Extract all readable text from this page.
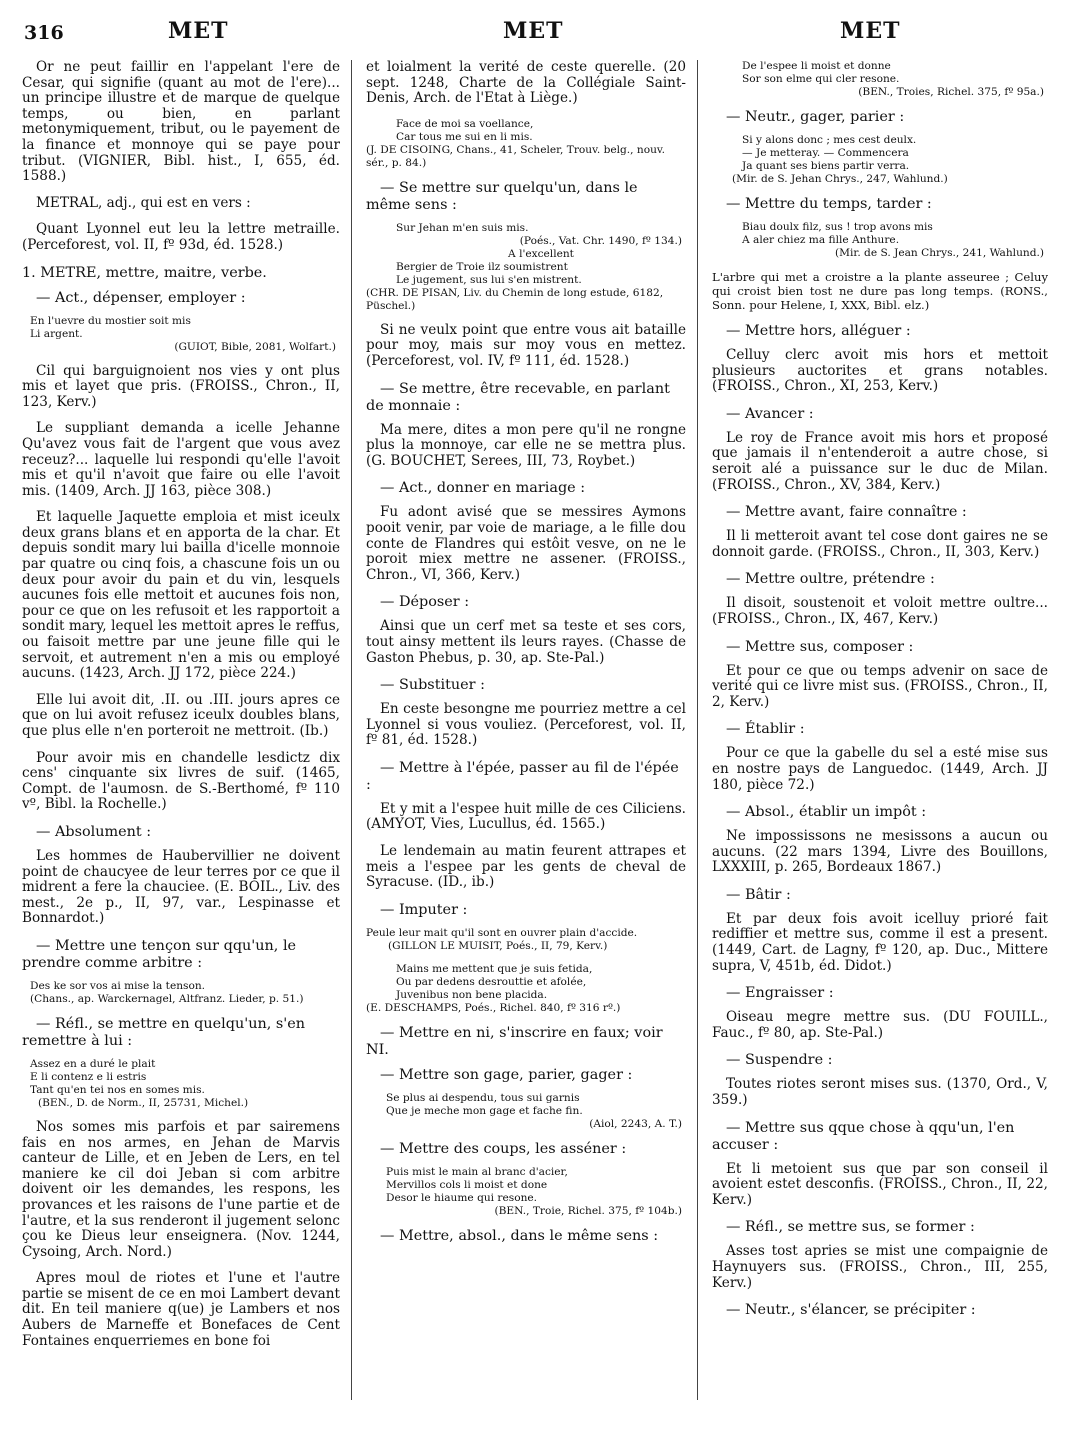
316	MET	MET	MET

Or ne peut faillir en l'appelant l'ere de Cesar, qui signifie (quant au mot de l'ere)... un principe illustre et de marque de quelque temps, ou bien, en parlant metonymiquement, tribut, ou le payement de la finance et monnoye qui se paye pour tribut. (VIGNIER, Bibl. hist., I, 655, éd. 1588.)

METRAL, adj., qui est en vers :

Quant Lyonnel eut leu la lettre metraille. (Perceforest, vol. II, fº 93d, éd. 1528.)

1. METRE, mettre, maitre, verbe.

— Act., dépenser, employer :

En l'uevre du mostier soit mis
Li argent.
(GUIOT, Bible, 2081, Wolfart.)

Cil qui barguignoient nos vies y ont plus mis et layet que pris. (FROISS., Chron., II, 123, Kerv.)

Le suppliant demanda a icelle Jehanne Qu'avez vous fait de l'argent que vous avez receuz?... laquelle lui respondi qu'elle l'avoit mis et qu'il n'avoit que faire ou elle l'avoit mis. (1409, Arch. JJ 163, pièce 308.)

Et laquelle Jaquette emploia et mist iceulx deux grans blans et en apporta de la char. Et depuis sondit mary lui bailla d'icelle monnoie par quatre ou cinq fois, a chascune fois un ou deux pour avoir du pain et du vin, lesquels aucunes fois elle mettoit et aucunes fois non, pour ce que on les refusoit et les rapportoit a sondit mary, lequel les mettoit apres le reffus, ou faisoit mettre par une jeune fille qui le servoit, et autrement n'en a mis ou employé aucuns. (1423, Arch. JJ 172, pièce 224.)

Elle lui avoit dit, .II. ou .III. jours apres ce que on lui avoit refusez iceulx doubles blans, que plus elle n'en porteroit ne mettroit. (Ib.)

Pour avoir mis en chandelle lesdictz dix cens' cinquante six livres de suif. (1465, Compt. de l'aumosn. de S.-Berthomé, fº 110 vº, Bibl. la Rochelle.)

— Absolument :

Les hommes de Haubervillier ne doivent point de chaucyee de leur terres por ce que il midrent a fere la chauciee. (E. BOIL., Liv. des mest., 2e p., II, 97, var., Lespinasse et Bonnardot.)

— Mettre une tençon sur qqu'un, le prendre comme arbitre :

Des ke sor vos ai mise la tenson.
(Chans., ap. Warckernagel, Altfranz. Lieder, p. 51.)

— Réfl., se mettre en quelqu'un, s'en remettre à lui :

Assez en a duré le plait
E li contenz e li estris
Tant qu'en tei nos en somes mis.
(BEN., D. de Norm., II, 25731, Michel.)

Nos somes mis parfois et par sairemens fais en nos armes, en Jehan de Marvis canteur de Lille, et en Jeben de Lers, en tel maniere ke cil doi Jeban si com arbitre doivent oir les demandes, les respons, les provances et les raisons de l'une partie et de l'autre, et la sus renderont il jugement selonc çou ke Dieus leur enseignera. (Nov. 1244, Cysoing, Arch. Nord.)

Apres moul de riotes et l'une et l'autre partie se misent de ce en moi Lambert devant dit. En teil maniere q(ue) je Lambers et nos Aubers de Marneffe et Bonefaces de Cent Fontaines enquerriemes en bone foi

et loialment la verité de ceste querelle. (20 sept. 1248, Charte de la Collégiale Saint-Denis, Arch. de l'Etat à Liège.)

Face de moi sa voellance,
Car tous me sui en li mis.
(J. DE CISOING, Chans., 41, Scheler, Trouv. belg., nouv. sér., p. 84.)

— Se mettre sur quelqu'un, dans le même sens :

Sur Jehan m'en suis mis.
(Poés., Vat. Chr. 1490, fº 134.)
A l'excellent
Bergier de Troie ilz soumistrent
Le jugement, sus lui s'en mistrent.
(CHR. DE PISAN, Liv. du Chemin de long estude, 6182, Püschel.)

Si ne veulx point que entre vous ait bataille pour moy, mais sur moy vous en mettez. (Perceforest, vol. IV, fº 111, éd. 1528.)

— Se mettre, être recevable, en parlant de monnaie :

Ma mere, dites a mon pere qu'il ne rongne plus la monnoye, car elle ne se mettra plus. (G. BOUCHET, Serees, III, 73, Roybet.)

— Act., donner en mariage :

Fu adont avisé que se messires Aymons pooit venir, par voie de mariage, a le fille dou conte de Flandres qui estôit vesve, on ne le poroit miex mettre ne assener. (FROISS., Chron., VI, 366, Kerv.)

— Déposer :

Ainsi que un cerf met sa teste et ses cors, tout ainsy mettent ils leurs rayes. (Chasse de Gaston Phebus, p. 30, ap. Ste-Pal.)

— Substituer :

En ceste besongne me pourriez mettre a cel Lyonnel si vous vouliez. (Perceforest, vol. II, fº 81, éd. 1528.)

— Mettre à l'épée, passer au fil de l'épée :

Et y mit a l'espee huit mille de ces Ciliciens. (AMYOT, Vies, Lucullus, éd. 1565.)

Le lendemain au matin feurent attrapes et meis a l'espee par les gents de cheval de Syracuse. (ID., ib.)

— Imputer :

Peule leur mait qu'il sont en ouvrer plain d'accide.
(GILLON LE MUISIT, Poés., II, 79, Kerv.)
Mains me mettent que je suis fetida,
Ou par dedens desrouttie et afolée,
Juvenibus non bene placida.
(E. DESCHAMPS, Poés., Richel. 840, fº 316 rº.)

— Mettre en ni, s'inscrire en faux; voir NI.

— Mettre son gage, parier, gager :

Se plus ai despendu, tous sui garnis
Que je meche mon gage et fache fin.
(Aiol, 2243, A. T.)

— Mettre des coups, les asséner :

Puis mist le main al branc d'acier,
Mervillos cols li moist et done
Desor le hiaume qui resone.
(BEN., Troie, Richel. 375, fº 104b.)

— Mettre, absol., dans le même sens :

De l'espee li moist et donne
Sor son elme qui cler resone.
(BEN., Troies, Richel. 375, fº 95a.)

— Neutr., gager, parier :

Si y alons donc ; mes cest deulx.
— Je metteray. — Commencera
Ja quant ses biens partir verra.
(Mir. de S. Jehan Chrys., 247, Wahlund.)

— Mettre du temps, tarder :

Biau doulx filz, sus ! trop avons mis
A aler chiez ma fille Anthure.
(Mir. de S. Jean Chrys., 241, Wahlund.)

L'arbre qui met a croistre a la plante asseuree ; Celuy qui croist bien tost ne dure pas long temps. (RONS., Sonn. pour Helene, I, XXX, Bibl. elz.)

— Mettre hors, alléguer :

Celluy clerc avoit mis hors et mettoit plusieurs auctorites et grans notables. (FROISS., Chron., XI, 253, Kerv.)

— Avancer :

Le roy de France avoit mis hors et proposé que jamais il n'entenderoit a autre chose, si seroit alé a puissance sur le duc de Milan. (FROISS., Chron., XV, 384, Kerv.)

— Mettre avant, faire connaître :

Il li metteroit avant tel cose dont gaires ne se donnoit garde. (FROISS., Chron., II, 303, Kerv.)

— Mettre oultre, prétendre :

Il disoit, soustenoit et voloit mettre oultre... (FROISS., Chron., IX, 467, Kerv.)

— Mettre sus, composer :

Et pour ce que ou temps advenir on sace de verité qui ce livre mist sus. (FROISS., Chron., II, 2, Kerv.)

— Établir :

Pour ce que la gabelle du sel a esté mise sus en nostre pays de Languedoc. (1449, Arch. JJ 180, pièce 72.)

— Absol., établir un impôt :

Ne impossissons ne mesissons a aucun ou aucuns. (22 mars 1394, Livre des Bouillons, LXXXIII, p. 265, Bordeaux 1867.)

— Bâtir :

Et par deux fois avoit icelluy prioré fait rediffier et mettre sus, comme il est a present. (1449, Cart. de Lagny, fº 120, ap. Duc., Mittere supra, V, 451b, éd. Didot.)

— Engraisser :

Oiseau megre mettre sus. (DU FOUILL., Fauc., fº 80, ap. Ste-Pal.)

— Suspendre :

Toutes riotes seront mises sus. (1370, Ord., V, 359.)

— Mettre sus qque chose à qqu'un, l'en accuser :

Et li metoient sus que par son conseil il avoient estet desconfis. (FROISS., Chron., II, 22, Kerv.)

— Réfl., se mettre sus, se former :

Asses tost apries se mist une compaignie de Haynuyers sus. (FROISS., Chron., III, 255, Kerv.)

— Neutr., s'élancer, se précipiter :
